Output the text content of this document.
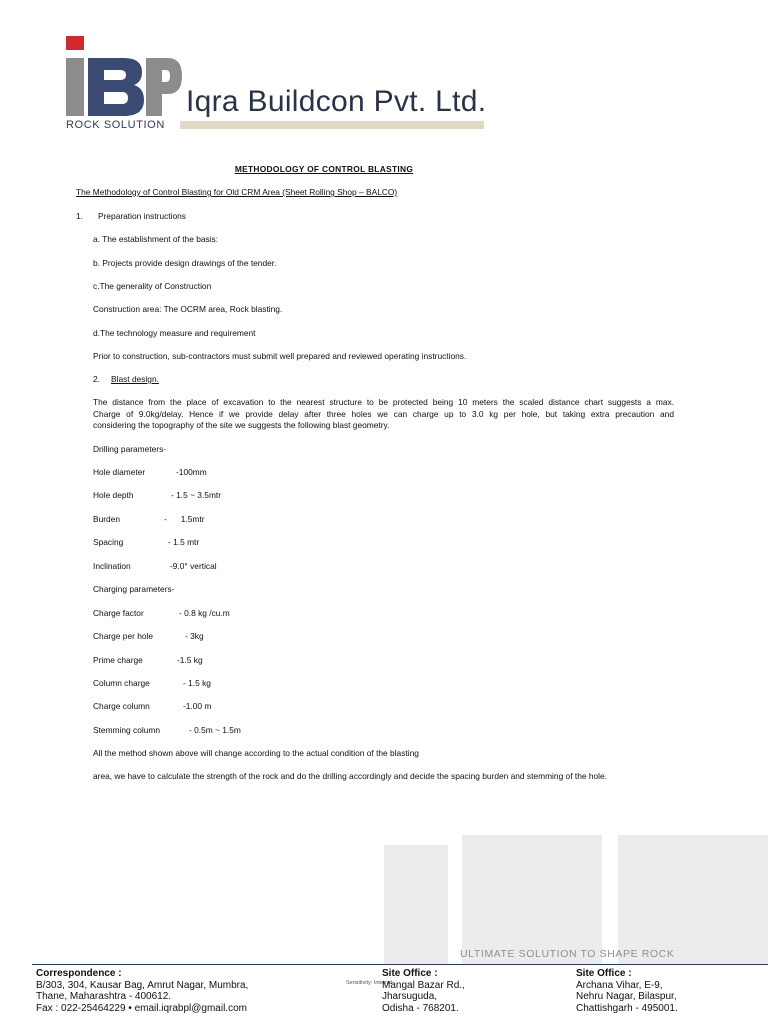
ROCK SOLUTION
Iqra Buildcon Pvt. Ltd.
METHODOLOGY OF CONTROL BLASTING
The Methodology of Control Blasting for Old CRM Area (Sheet Rolling Shop – BALCO)
1. Preparation instructions
a. The establishment of the basis:
b. Projects provide design drawings of the tender.
c.The generality of Construction
Construction area: The OCRM area, Rock blasting.
d.The technology measure and requirement
Prior to construction, sub-contractors must submit well prepared and reviewed operating instructions.
2. Blast design.
The distance from the place of excavation to the nearest structure to be protected being 10 meters the scaled distance chart suggests a max.
Charge of 9.0kg/delay. Hence if we provide delay after three holes we can charge up to 3.0 kg per hole, but taking extra precaution and
considering the topography of the site we suggests the following blast geometry.
Drilling parameters-
Hole diameter	-100mm
Hole depth	- 1.5 ~ 3.5mtr
Burden	-      1.5mtr
Spacing	- 1.5 mtr
Inclination	-9.0° vertical
Charging parameters-
Charge factor	- 0.8 kg /cu.m
Charge per hole	- 3kg
Prime charge	-1.5 kg
Column charge	- 1.5 kg
Charge column	-1.00 m
Stemming column	- 0.5m ~ 1.5m
All the method shown above will change according to the actual condition of the blasting
area, we have to calculate the strength of the rock and do the drilling accordingly and decide the spacing burden and stemming of the hole.
ULTIMATE SOLUTION TO SHAPE ROCK
Correspondence :
B/303, 304, Kausar Bag, Amrut Nagar, Mumbra,
Thane, Maharashtra - 400612.
Fax : 022-25464229 • email.iqrabpl@gmail.com
Sensitivity: Internal
Site Office :
Mangal Bazar Rd.,
Jharsuguda,
Odisha - 768201.
Site Office :
Archana Vihar, E-9,
Nehru Nagar, Bilaspur,
Chattishgarh - 495001.
